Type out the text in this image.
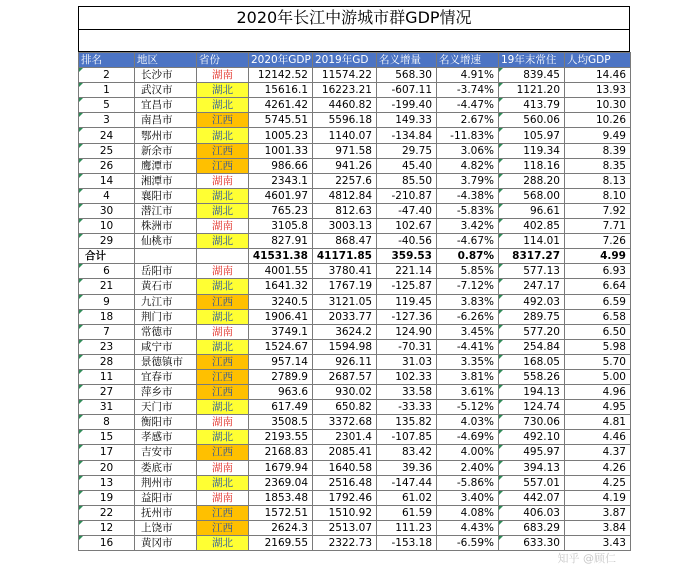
2020年长江中游城市群GDP情况
排名	地区	省份	2020年GDP	2019年GD	名义增量	名义增速	19年末常住	人均GDP
2	长沙市	湖南	12142.52	11574.22	568.30	4.91%	839.45	14.46
1	武汉市	湖北	15616.1	16223.21	-607.11	-3.74%	1121.20	13.93
5	宜昌市	湖北	4261.42	4460.82	-199.40	-4.47%	413.79	10.30
3	南昌市	江西	5745.51	5596.18	149.33	2.67%	560.06	10.26
24	鄂州市	湖北	1005.23	1140.07	-134.84	-11.83%	105.97	9.49
25	新余市	江西	1001.33	971.58	29.75	3.06%	119.34	8.39
26	鹰潭市	江西	986.66	941.26	45.40	4.82%	118.16	8.35
14	湘潭市	湖南	2343.1	2257.6	85.50	3.79%	288.20	8.13
4	襄阳市	湖北	4601.97	4812.84	-210.87	-4.38%	568.00	8.10
30	潜江市	湖北	765.23	812.63	-47.40	-5.83%	96.61	7.92
10	株洲市	湖南	3105.8	3003.13	102.67	3.42%	402.85	7.71
29	仙桃市	湖北	827.91	868.47	-40.56	-4.67%	114.01	7.26
合计			41531.38	41171.85	359.53	0.87%	8317.27	4.99
6	岳阳市	湖南	4001.55	3780.41	221.14	5.85%	577.13	6.93
21	黄石市	湖北	1641.32	1767.19	-125.87	-7.12%	247.17	6.64
9	九江市	江西	3240.5	3121.05	119.45	3.83%	492.03	6.59
18	荆门市	湖北	1906.41	2033.77	-127.36	-6.26%	289.75	6.58
7	常德市	湖南	3749.1	3624.2	124.90	3.45%	577.20	6.50
23	咸宁市	湖北	1524.67	1594.98	-70.31	-4.41%	254.84	5.98
28	景德镇市	江西	957.14	926.11	31.03	3.35%	168.05	5.70
11	宜春市	江西	2789.9	2687.57	102.33	3.81%	558.26	5.00
27	萍乡市	江西	963.6	930.02	33.58	3.61%	194.13	4.96
31	天门市	湖北	617.49	650.82	-33.33	-5.12%	124.74	4.95
8	衡阳市	湖南	3508.5	3372.68	135.82	4.03%	730.06	4.81
15	孝感市	湖北	2193.55	2301.4	-107.85	-4.69%	492.10	4.46
17	吉安市	江西	2168.83	2085.41	83.42	4.00%	495.97	4.37
20	娄底市	湖南	1679.94	1640.58	39.36	2.40%	394.13	4.26
13	荆州市	湖北	2369.04	2516.48	-147.44	-5.86%	557.01	4.25
19	益阳市	湖南	1853.48	1792.46	61.02	3.40%	442.07	4.19
22	抚州市	江西	1572.51	1510.92	61.59	4.08%	406.03	3.87
12	上饶市	江西	2624.3	2513.07	111.23	4.43%	683.29	3.84
16	黄冈市	湖北	2169.55	2322.73	-153.18	-6.59%	633.30	3.43
知乎 @顾仁
